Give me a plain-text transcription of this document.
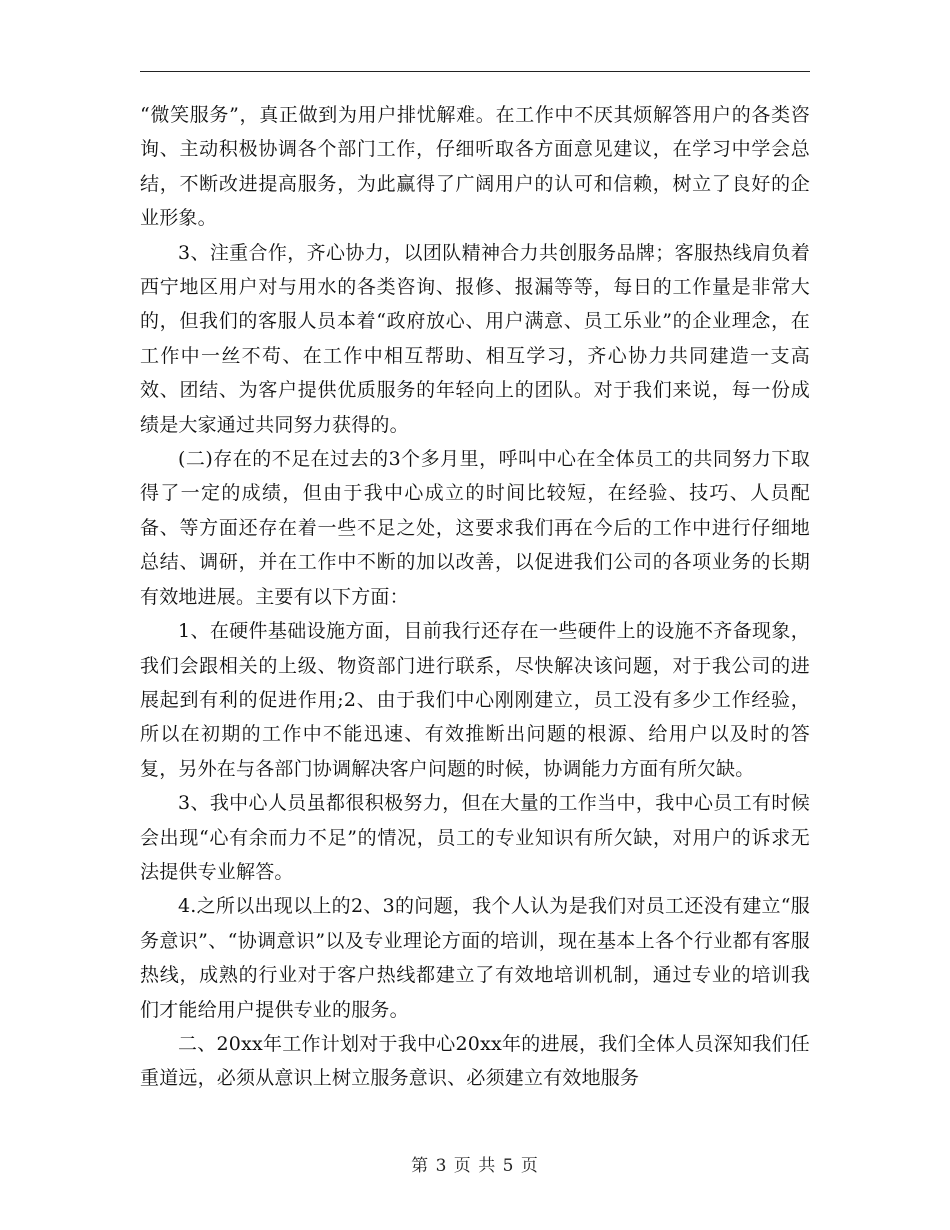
“微笑服务”，真正做到为用户排忧解难。在工作中不厌其烦解答用户的各类咨询、主动积极协调各个部门工作，仔细听取各方面意见建议，在学习中学会总结，不断改进提高服务，为此赢得了广阔用户的认可和信赖，树立了良好的企业形象。

3、注重合作，齐心协力，以团队精神合力共创服务品牌；客服热线肩负着西宁地区用户对与用水的各类咨询、报修、报漏等等，每日的工作量是非常大的，但我们的客服人员本着“政府放心、用户满意、员工乐业”的企业理念，在工作中一丝不苟、在工作中相互帮助、相互学习，齐心协力共同建造一支高效、团结、为客户提供优质服务的年轻向上的团队。对于我们来说，每一份成绩是大家通过共同努力获得的。

(二)存在的不足在过去的3个多月里，呼叫中心在全体员工的共同努力下取得了一定的成绩，但由于我中心成立的时间比较短，在经验、技巧、人员配备、等方面还存在着一些不足之处，这要求我们再在今后的工作中进行仔细地总结、调研，并在工作中不断的加以改善，以促进我们公司的各项业务的长期有效地进展。主要有以下方面：

1、在硬件基础设施方面，目前我行还存在一些硬件上的设施不齐备现象，我们会跟相关的上级、物资部门进行联系，尽快解决该问题，对于我公司的进展起到有利的促进作用;2、由于我们中心刚刚建立，员工没有多少工作经验，所以在初期的工作中不能迅速、有效推断出问题的根源、给用户以及时的答复，另外在与各部门协调解决客户问题的时候，协调能力方面有所欠缺。

3、我中心人员虽都很积极努力，但在大量的工作当中，我中心员工有时候会出现“心有余而力不足”的情况，员工的专业知识有所欠缺，对用户的诉求无法提供专业解答。

4.之所以出现以上的2、3的问题，我个人认为是我们对员工还没有建立“服务意识”、“协调意识”以及专业理论方面的培训，现在基本上各个行业都有客服热线，成熟的行业对于客户热线都建立了有效地培训机制，通过专业的培训我们才能给用户提供专业的服务。

二、20xx年工作计划对于我中心20xx年的进展，我们全体人员深知我们任重道远，必须从意识上树立服务意识、必须建立有效地服务

第 3 页 共 5 页
